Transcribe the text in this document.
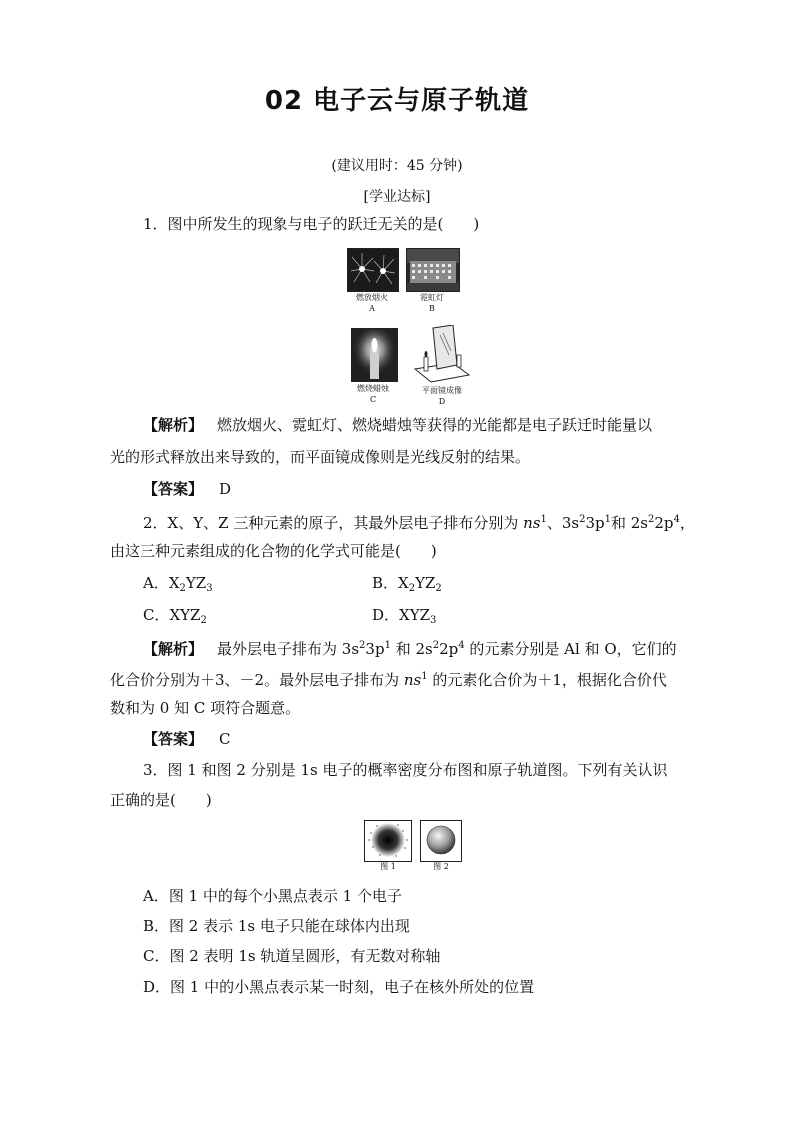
02 电子云与原子轨道
(建议用时：45 分钟)
[学业达标]
1．图中所发生的现象与电子的跃迁无关的是(　　)
燃放烟火
A
霓虹灯
B
燃烧蜡烛
C
平面镜成像
D
【解析】 燃放烟火、霓虹灯、燃烧蜡烛等获得的光能都是电子跃迁时能量以
光的形式释放出来导致的，而平面镜成像则是光线反射的结果。
【答案】 D
2．X、Y、Z 三种元素的原子，其最外层电子排布分别为 $ns^1$、$3s^23p^1$和 $2s^22p^4$，
由这三种元素组成的化合物的化学式可能是(　　)
A．$X_2YZ_3$	B．$X_2YZ_2$
C．$XYZ_2$	D．$XYZ_3$
【解析】 最外层电子排布为 $3s^23p^1$ 和 $2s^22p^4$ 的元素分别是 Al 和 O，它们的
化合价分别为＋3、－2。最外层电子排布为 $ns^1$ 的元素化合价为＋1，根据化合价代
数和为 0 知 C 项符合题意。
【答案】 C
3．图 1 和图 2 分别是 1s 电子的概率密度分布图和原子轨道图。下列有关认识
正确的是(　　)
图 1	图 2
A．图 1 中的每个小黑点表示 1 个电子
B．图 2 表示 1s 电子只能在球体内出现
C．图 2 表明 1s 轨道呈圆形，有无数对称轴
D．图 1 中的小黑点表示某一时刻，电子在核外所处的位置
